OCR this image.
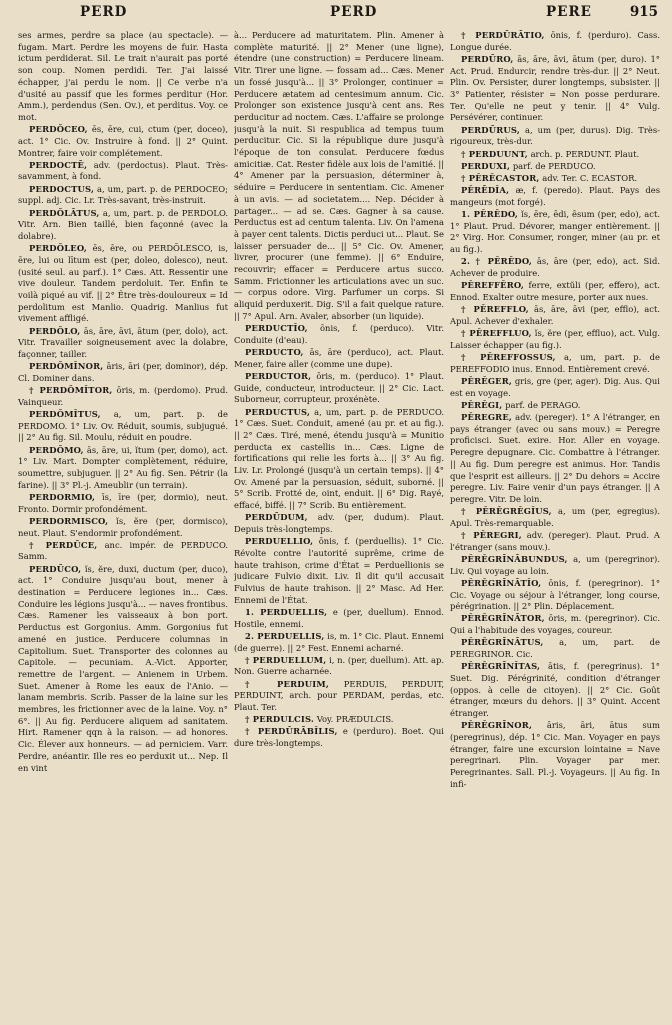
PERD	PERD	PERE	915

ses armes, perdre sa place (au spectacle). — fugam. Mart. Perdre les moyens de fuir. Hasta ictum perdiderat. Sil. Le trait n'aurait pas porté son coup. Nomen perdidi. Ter. J'ai laissé échapper, j'ai perdu le nom. || Ce verbe n'a d'usité au passif que les formes perditur (Hor. Amm.), perdendus (Sen. Ov.), et perditus. Voy. ce mot.

PERDŎCEO, ēs, ēre, cui, ctum (per, doceo), act. 1° Cic. Ov. Instruire à fond. || 2° Quint. Montrer, faire voir complétement.

PERDOCTĒ, adv. (perdoctus). Plaut. Très-savamment, à fond.

PERDOCTUS, a, um, part. p. de PERDOCEO; suppl. adj. Cic. Lr. Très-savant, très-instruit.

PERDŎLĀTUS, a, um, part. p. de PERDOLO. Vitr. Arn. Bien taillé, bien façonné (avec la dolabre).

PERDŎLEO, ēs, ēre, ou PERDŎLESCO, is, ēre, lui ou lītum est (per, doleo, dolesco), neut. (usité seul. au parf.). 1° Cæs. Att. Ressentir une vive douleur. Tandem perdoluit. Ter. Enfin te voilà piqué au vif. || 2° Être très-douloureux = Id perdolitum est Manlio. Quadrig. Manlius fut vivement affligé.

PERDŎLO, ās, āre, āvi, ātum (per, dolo), act. Vitr. Travailler soigneusement avec la dolabre, façonner, tailler.

PERDŎMĬNOR, āris, āri (per, dominor), dép. Cl. Dominer dans.

† PERDŎMĬTOR, ōris, m. (perdomo). Prud. Vainqueur.

PERDŎMĬTUS, a, um, part. p. de PERDOMO. 1° Liv. Ov. Réduit, soumis, subjugué. || 2° Au fig. Sil. Moulu, réduit en poudre.

PERDŎMO, ās, āre, ui, ĭtum (per, domo), act. 1° Liv. Mart. Dompter complètement, réduire, soumettre, subjuguer. || 2° Au fig. Sen. Pétrir (la farine). || 3° Pl.-j. Ameublir (un terrain).

PERDORMIO, īs, īre (per, dormio), neut. Fronto. Dormir profondément.

PERDORMISCO, ĭs, ĕre (per, dormisco), neut. Plaut. S'endormir profondément.

† PERDŪCE, anc. impér. de PERDUCO. Samm.

PERDŪCO, ĭs, ĕre, duxi, ductum (per, duco), act. 1° Conduire jusqu'au bout, mener à destination = Perducere legiones in... Cæs. Conduire les légions jusqu'à... — naves frontibus. Cæs. Ramener les vaisseaux à bon port. Perductus est Gorgonius. Amm. Gorgonius fut amené en justice. Perducere columnas in Capitolium. Suet. Transporter des colonnes au Capitole. — pecuniam. A.-Vict. Apporter, remettre de l'argent. — Anienem in Urbem. Suet. Amener à Rome les eaux de l'Anio. — lanam membris. Scrib. Passer de la laine sur les membres, les frictionner avec de la laine. Voy. n° 6°. || Au fig. Perducere aliquem ad sanitatem. Hirt. Ramener qqn à la raison. — ad honores. Cic. Élever aux honneurs. — ad perniciem. Varr. Perdre, anéantir. Ille res eo perduxit ut... Nep. Il en vint

à... Perducere ad maturitatem. Plin. Amener à complète maturité. || 2° Mener (une ligne), étendre (une construction) = Perducere lineam. Vitr. Tirer une ligne. — fossam ad... Cæs. Mener un fossé jusqu'à... || 3° Prolonger, continuer = Perducere ætatem ad centesimum annum. Cic. Prolonger son existence jusqu'à cent ans. Res perducitur ad noctem. Cæs. L'affaire se prolonge jusqu'à la nuit. Si respublica ad tempus tuum perducitur. Cic. Si la république dure jusqu'à l'époque de ton consulat. Perducere fœdus amicitiæ. Cat. Rester fidèle aux lois de l'amitié. || 4° Amener par la persuasion, déterminer à, séduire = Perducere in sententiam. Cic. Amener à un avis. — ad societatem.... Nep. Décider à partager... — ad se. Cæs. Gagner à sa cause. Perductus est ad centum talenta. Liv. On l'amena à payer cent talents. Dictis perduci ut... Plaut. Se laisser persuader de... || 5° Cic. Ov. Amener, livrer, procurer (une femme). || 6° Enduire, recouvrir; effacer = Perducere artus succo. Samm. Frictionner les articulations avec un suc. — corpus odore. Virg. Parfumer un corps. Si aliquid perduxerit. Dig. S'il a fait quelque rature. || 7° Apul. Arn. Avaler, absorber (un liquide).

PERDUCTĬO, ōnis, f. (perduco). Vitr. Conduite (d'eau).

PERDUCTO, ās, āre (perduco), act. Plaut. Mener, faire aller (comme une dupe).

PERDUCTOR, ōris, m. (perduco). 1° Plaut. Guide, conducteur, introducteur. || 2° Cic. Lact. Suborneur, corrupteur, proxénète.

PERDUCTUS, a, um, part. p. de PERDUCO. 1° Cæs. Suet. Conduit, amené (au pr. et au fig.). || 2° Cæs. Tiré, mené, étendu jusqu'à = Munitio perducta ex castellis in... Cæs. Ligne de fortifications qui relie les forts à... || 3° Au fig. Liv. Lr. Prolongé (jusqu'à un certain temps). || 4° Ov. Amené par la persuasion, séduit, suborné. || 5° Scrib. Frotté de, oint, enduit. || 6° Dig. Rayé, effacé, biffé. || 7° Scrib. Bu entièrement.

PERDŪDUM, adv. (per, dudum). Plaut. Depuis très-longtemps.

PERDUELLIO, ōnis, f. (perduellis). 1° Cic. Révolte contre l'autorité suprême, crime de haute trahison, crime d'État = Perduellionis se judicare Fulvio dixit. Liv. Il dit qu'il accusait Fulvius de haute trahison. || 2° Masc. Ad Her. Ennemi de l'État.

1. PERDUELLIS, e (per, duellum). Ennod. Hostile, ennemi.

2. PERDUELLIS, is, m. 1° Cic. Plaut. Ennemi (de guerre). || 2° Fest. Ennemi acharné.

† PERDUELLUM, i, n. (per, duellum). Att. ap. Non. Guerre acharnée.

† PERDUIM, PERDUIS, PERDUIT, PERDUINT, arch. pour PERDAM, perdas, etc. Plaut. Ter.

† PERDULCIS. Voy. PRÆDULCIS.

† PERDŪRĀBĬLIS, e (perduro). Boet. Qui dure très-longtemps.

† PERDŪRĀTIO, ōnis, f. (perduro). Cass. Longue durée.

PERDŪRO, ās, āre, āvi, ātum (per, duro). 1° Act. Prud. Endurcir, rendre très-dur. || 2° Neut. Plin. Ov. Persister, durer longtemps, subsister. || 3° Patienter, résister = Non posse perdurare. Ter. Qu'elle ne peut y tenir. || 4° Vulg. Persévérer, continuer.

PERDŪRUS, a, um (per, durus). Dig. Très-rigoureux, très-dur.

† PERDUUNT, arch. p. PERDUNT. Plaut.

PERDUXI, parf. de PERDUCO.

† PĔRĔCASTOR, adv. Ter. C. ECASTOR.

PĔRĒDĬA, æ, f. (peredo). Plaut. Pays des mangeurs (mot forgé).

1. PĔRĔDO, ĭs, ēre, ēdi, ēsum (per, edo), act. 1° Plaut. Prud. Dévorer, manger entièrement. || 2° Virg. Hor. Consumer, ronger, miner (au pr. et au fig.).

2. † PĔRĔDO, ās, āre (per, edo), act. Sid. Achever de produire.

PĔREFFĔRO, ferre, extŭli (per, effero), act. Ennod. Exalter outre mesure, porter aux nues.

† PĔREFFLO, ās, āre, āvi (per, efflo), act. Apul. Achever d'exhaler.

† PĔREFFLUO, ĭs, ĕre (per, effluo), act. Vulg. Laisser échapper (au fig.).

† PĔREFFOSSUS, a, um, part. p. de PEREFFODIO inus. Ennod. Entièrement crevé.

PĔRĔGER, gris, gre (per, ager). Dig. Aus. Qui est en voyage.

PĔRĔGI, parf. de PERAGO.

PĔREGRE, adv. (pereger). 1° A l'étranger, en pays étranger (avec ou sans mouv.) = Peregre proficisci. Suet. exire. Hor. Aller en voyage. Peregre depugnare. Cic. Combattre à l'étranger. || Au fig. Dum peregre est animus. Hor. Tandis que l'esprit est ailleurs. || 2° Du dehors = Accire peregre. Liv. Faire venir d'un pays étranger. || A peregre. Vitr. De loin.

† PĔRĔGRĔGĬUS, a, um (per, egregius). Apul. Très-remarquable.

† PĔREGRI, adv. (pereger). Plaut. Prud. A l'étranger (sans mouv.).

PĔRĔGRĪNĀBUNDUS, a, um (peregrinor). Liv. Qui voyage au loin.

PĔRĔGRĪNĀTĬO, ōnis, f. (peregrinor). 1° Cic. Voyage ou séjour à l'étranger, long course, pérégrination. || 2° Plin. Déplacement.

PĔRĔGRĪNĀTOR, ōris, m. (peregrinor). Cic. Qui a l'habitude des voyages, coureur.

PĔRĔGRĪNĀTUS, a, um, part. de PEREGRINOR. Cic.

PĔRĔGRĪNĬTAS, ātis, f. (peregrinus). 1° Suet. Dig. Pérégrinité, condition d'étranger (oppos. à celle de citoyen). || 2° Cic. Goût étranger, mœurs du dehors. || 3° Quint. Accent étranger.

PĔRĔGRĪNOR, āris, āri, ātus sum (peregrinus), dép. 1° Cic. Man. Voyager en pays étranger, faire une excursion lointaine = Nave peregrinari. Plin. Voyager par mer. Peregrinantes. Sall. Pl.-j. Voyageurs. || Au fig. In infi-
